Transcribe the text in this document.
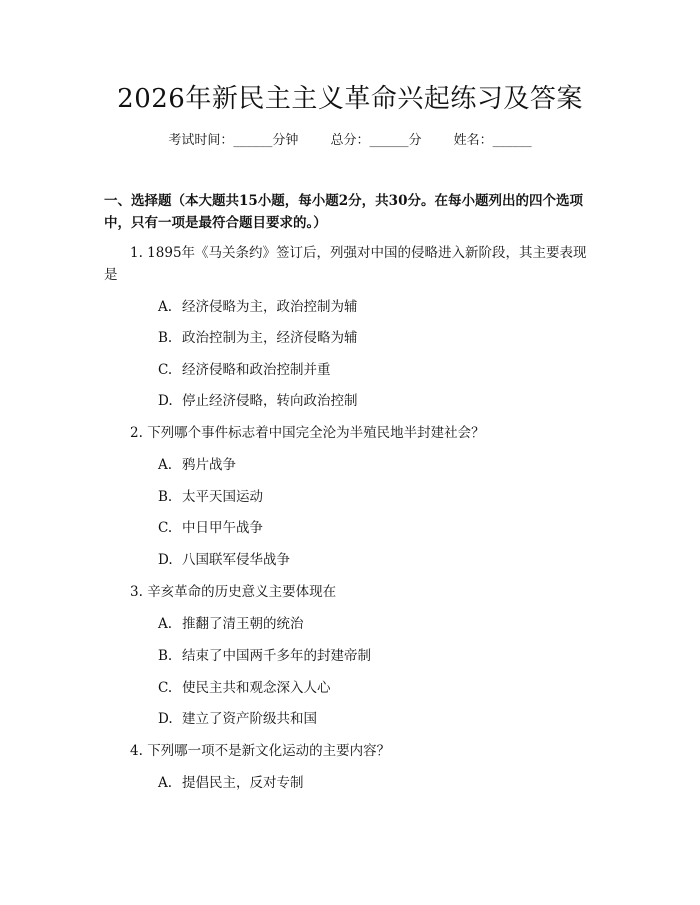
2026年新民主主义革命兴起练习及答案
考试时间：______分钟 总分：______分 姓名：______
一、选择题（本大题共15小题，每小题2分，共30分。在每小题列出的四个选项中，只有一项是最符合题目要求的。）
1. 1895年《马关条约》签订后，列强对中国的侵略进入新阶段，其主要表现是
A. 经济侵略为主，政治控制为辅
B. 政治控制为主，经济侵略为辅
C. 经济侵略和政治控制并重
D. 停止经济侵略，转向政治控制
2. 下列哪个事件标志着中国完全沦为半殖民地半封建社会？
A. 鸦片战争
B. 太平天国运动
C. 中日甲午战争
D. 八国联军侵华战争
3. 辛亥革命的历史意义主要体现在
A. 推翻了清王朝的统治
B. 结束了中国两千多年的封建帝制
C. 使民主共和观念深入人心
D. 建立了资产阶级共和国
4. 下列哪一项不是新文化运动的主要内容？
A. 提倡民主，反对专制
